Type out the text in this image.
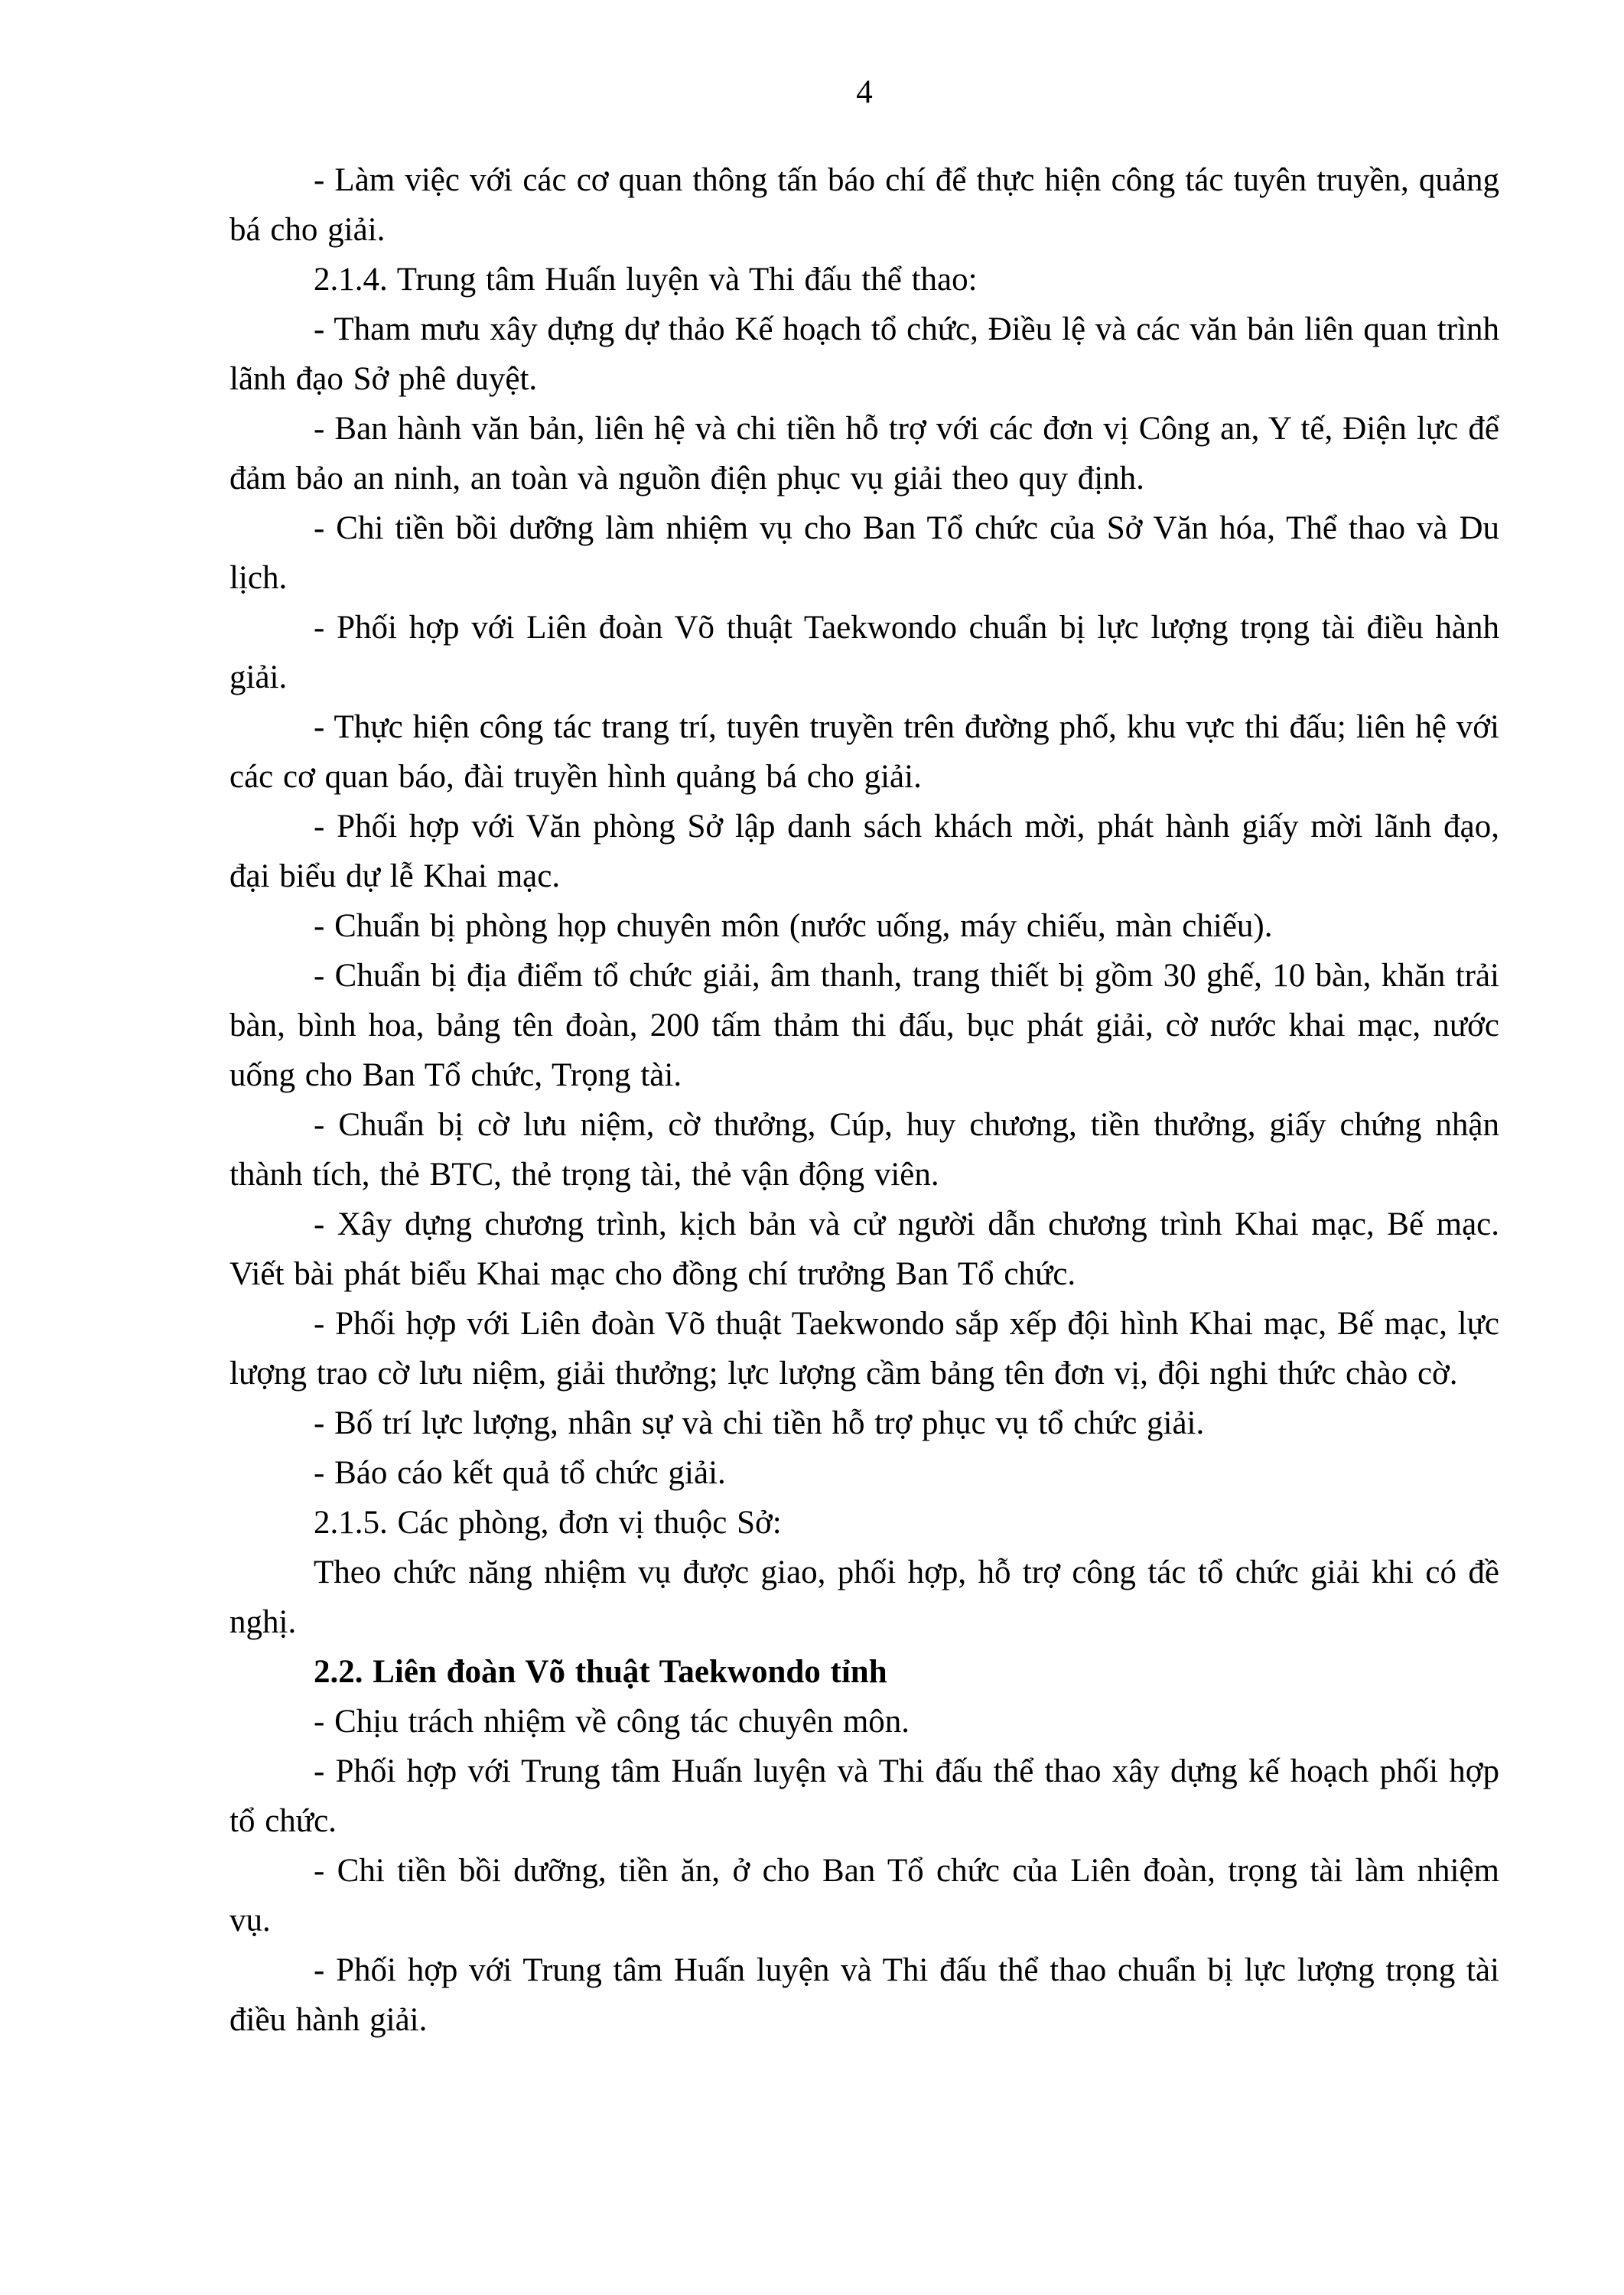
4

- Làm việc với các cơ quan thông tấn báo chí để thực hiện công tác tuyên truyền, quảng bá cho giải.

2.1.4. Trung tâm Huấn luyện và Thi đấu thể thao:

- Tham mưu xây dựng dự thảo Kế hoạch tổ chức, Điều lệ và các văn bản liên quan trình lãnh đạo Sở phê duyệt.

- Ban hành văn bản, liên hệ và chi tiền hỗ trợ với các đơn vị Công an, Y tế, Điện lực để đảm bảo an ninh, an toàn và nguồn điện phục vụ giải theo quy định.

- Chi tiền bồi dưỡng làm nhiệm vụ cho Ban Tổ chức của Sở Văn hóa, Thể thao và Du lịch.

- Phối hợp với Liên đoàn Võ thuật Taekwondo chuẩn bị lực lượng trọng tài điều hành giải.

- Thực hiện công tác trang trí, tuyên truyền trên đường phố, khu vực thi đấu; liên hệ với các cơ quan báo, đài truyền hình quảng bá cho giải.

- Phối hợp với Văn phòng Sở lập danh sách khách mời, phát hành giấy mời lãnh đạo, đại biểu dự lễ Khai mạc.

- Chuẩn bị phòng họp chuyên môn (nước uống, máy chiếu, màn chiếu).

- Chuẩn bị địa điểm tổ chức giải, âm thanh, trang thiết bị gồm 30 ghế, 10 bàn, khăn trải bàn, bình hoa, bảng tên đoàn, 200 tấm thảm thi đấu, bục phát giải, cờ nước khai mạc, nước uống cho Ban Tổ chức, Trọng tài.

- Chuẩn bị cờ lưu niệm, cờ thưởng, Cúp, huy chương, tiền thưởng, giấy chứng nhận thành tích, thẻ BTC, thẻ trọng tài, thẻ vận động viên.

- Xây dựng chương trình, kịch bản và cử người dẫn chương trình Khai mạc, Bế mạc. Viết bài phát biểu Khai mạc cho đồng chí trưởng Ban Tổ chức.

- Phối hợp với Liên đoàn Võ thuật Taekwondo sắp xếp đội hình Khai mạc, Bế mạc, lực lượng trao cờ lưu niệm, giải thưởng; lực lượng cầm bảng tên đơn vị, đội nghi thức chào cờ.

- Bố trí lực lượng, nhân sự và chi tiền hỗ trợ phục vụ tổ chức giải.

- Báo cáo kết quả tổ chức giải.

2.1.5. Các phòng, đơn vị thuộc Sở:

Theo chức năng nhiệm vụ được giao, phối hợp, hỗ trợ công tác tổ chức giải khi có đề nghị.

2.2. Liên đoàn Võ thuật Taekwondo tỉnh

- Chịu trách nhiệm về công tác chuyên môn.

- Phối hợp với Trung tâm Huấn luyện và Thi đấu thể thao xây dựng kế hoạch phối hợp tổ chức.

- Chi tiền bồi dưỡng, tiền ăn, ở cho Ban Tổ chức của Liên đoàn, trọng tài làm nhiệm vụ.

- Phối hợp với Trung tâm Huấn luyện và Thi đấu thể thao chuẩn bị lực lượng trọng tài điều hành giải.
